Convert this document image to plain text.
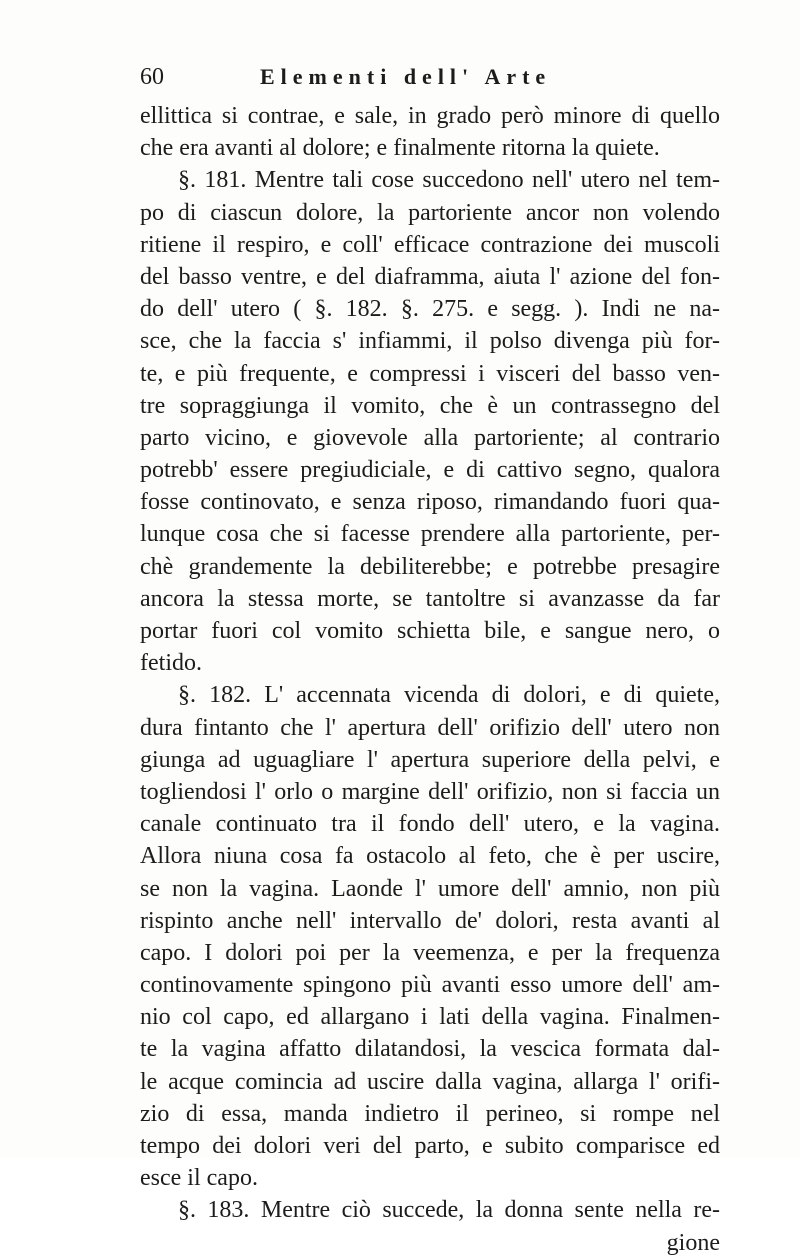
60	Elementi dell' Arte
ellittica si contrae, e sale, in grado però minore di quello
che era avanti al dolore; e finalmente ritorna la quiete.
§. 181. Mentre tali cose succedono nell' utero nel tem-
po di ciascun dolore, la partoriente ancor non volendo
ritiene il respiro, e coll' efficace contrazione dei muscoli
del basso ventre, e del diaframma, aiuta l' azione del fon-
do dell' utero ( §. 182. §. 275. e segg. ). Indi ne na-
sce, che la faccia s' infiammi, il polso divenga più for-
te, e più frequente, e compressi i visceri del basso ven-
tre sopraggiunga il vomito, che è un contrassegno del
parto vicino, e giovevole alla partoriente; al contrario
potrebb' essere pregiudiciale, e di cattivo segno, qualora
fosse continovato, e senza riposo, rimandando fuori qua-
lunque cosa che si facesse prendere alla partoriente, per-
chè grandemente la debiliterebbe; e potrebbe presagire
ancora la stessa morte, se tantoltre si avanzasse da far
portar fuori col vomito schietta bile, e sangue nero, o
fetido.
§. 182. L' accennata vicenda di dolori, e di quiete,
dura fintanto che l' apertura dell' orifizio dell' utero non
giunga ad uguagliare l' apertura superiore della pelvi, e
togliendosi l' orlo o margine dell' orifizio, non si faccia un
canale continuato tra il fondo dell' utero, e la vagina.
Allora niuna cosa fa ostacolo al feto, che è per uscire,
se non la vagina. Laonde l' umore dell' amnio, non più
rispinto anche nell' intervallo de' dolori, resta avanti al
capo. I dolori poi per la veemenza, e per la frequenza
continovamente spingono più avanti esso umore dell' am-
nio col capo, ed allargano i lati della vagina. Finalmen-
te la vagina affatto dilatandosi, la vescica formata dal-
le acque comincia ad uscire dalla vagina, allarga l' orifi-
zio di essa, manda indietro il perineo, si rompe nel
tempo dei dolori veri del parto, e subito comparisce ed
esce il capo.
§. 183. Mentre ciò succede, la donna sente nella re-
gione
